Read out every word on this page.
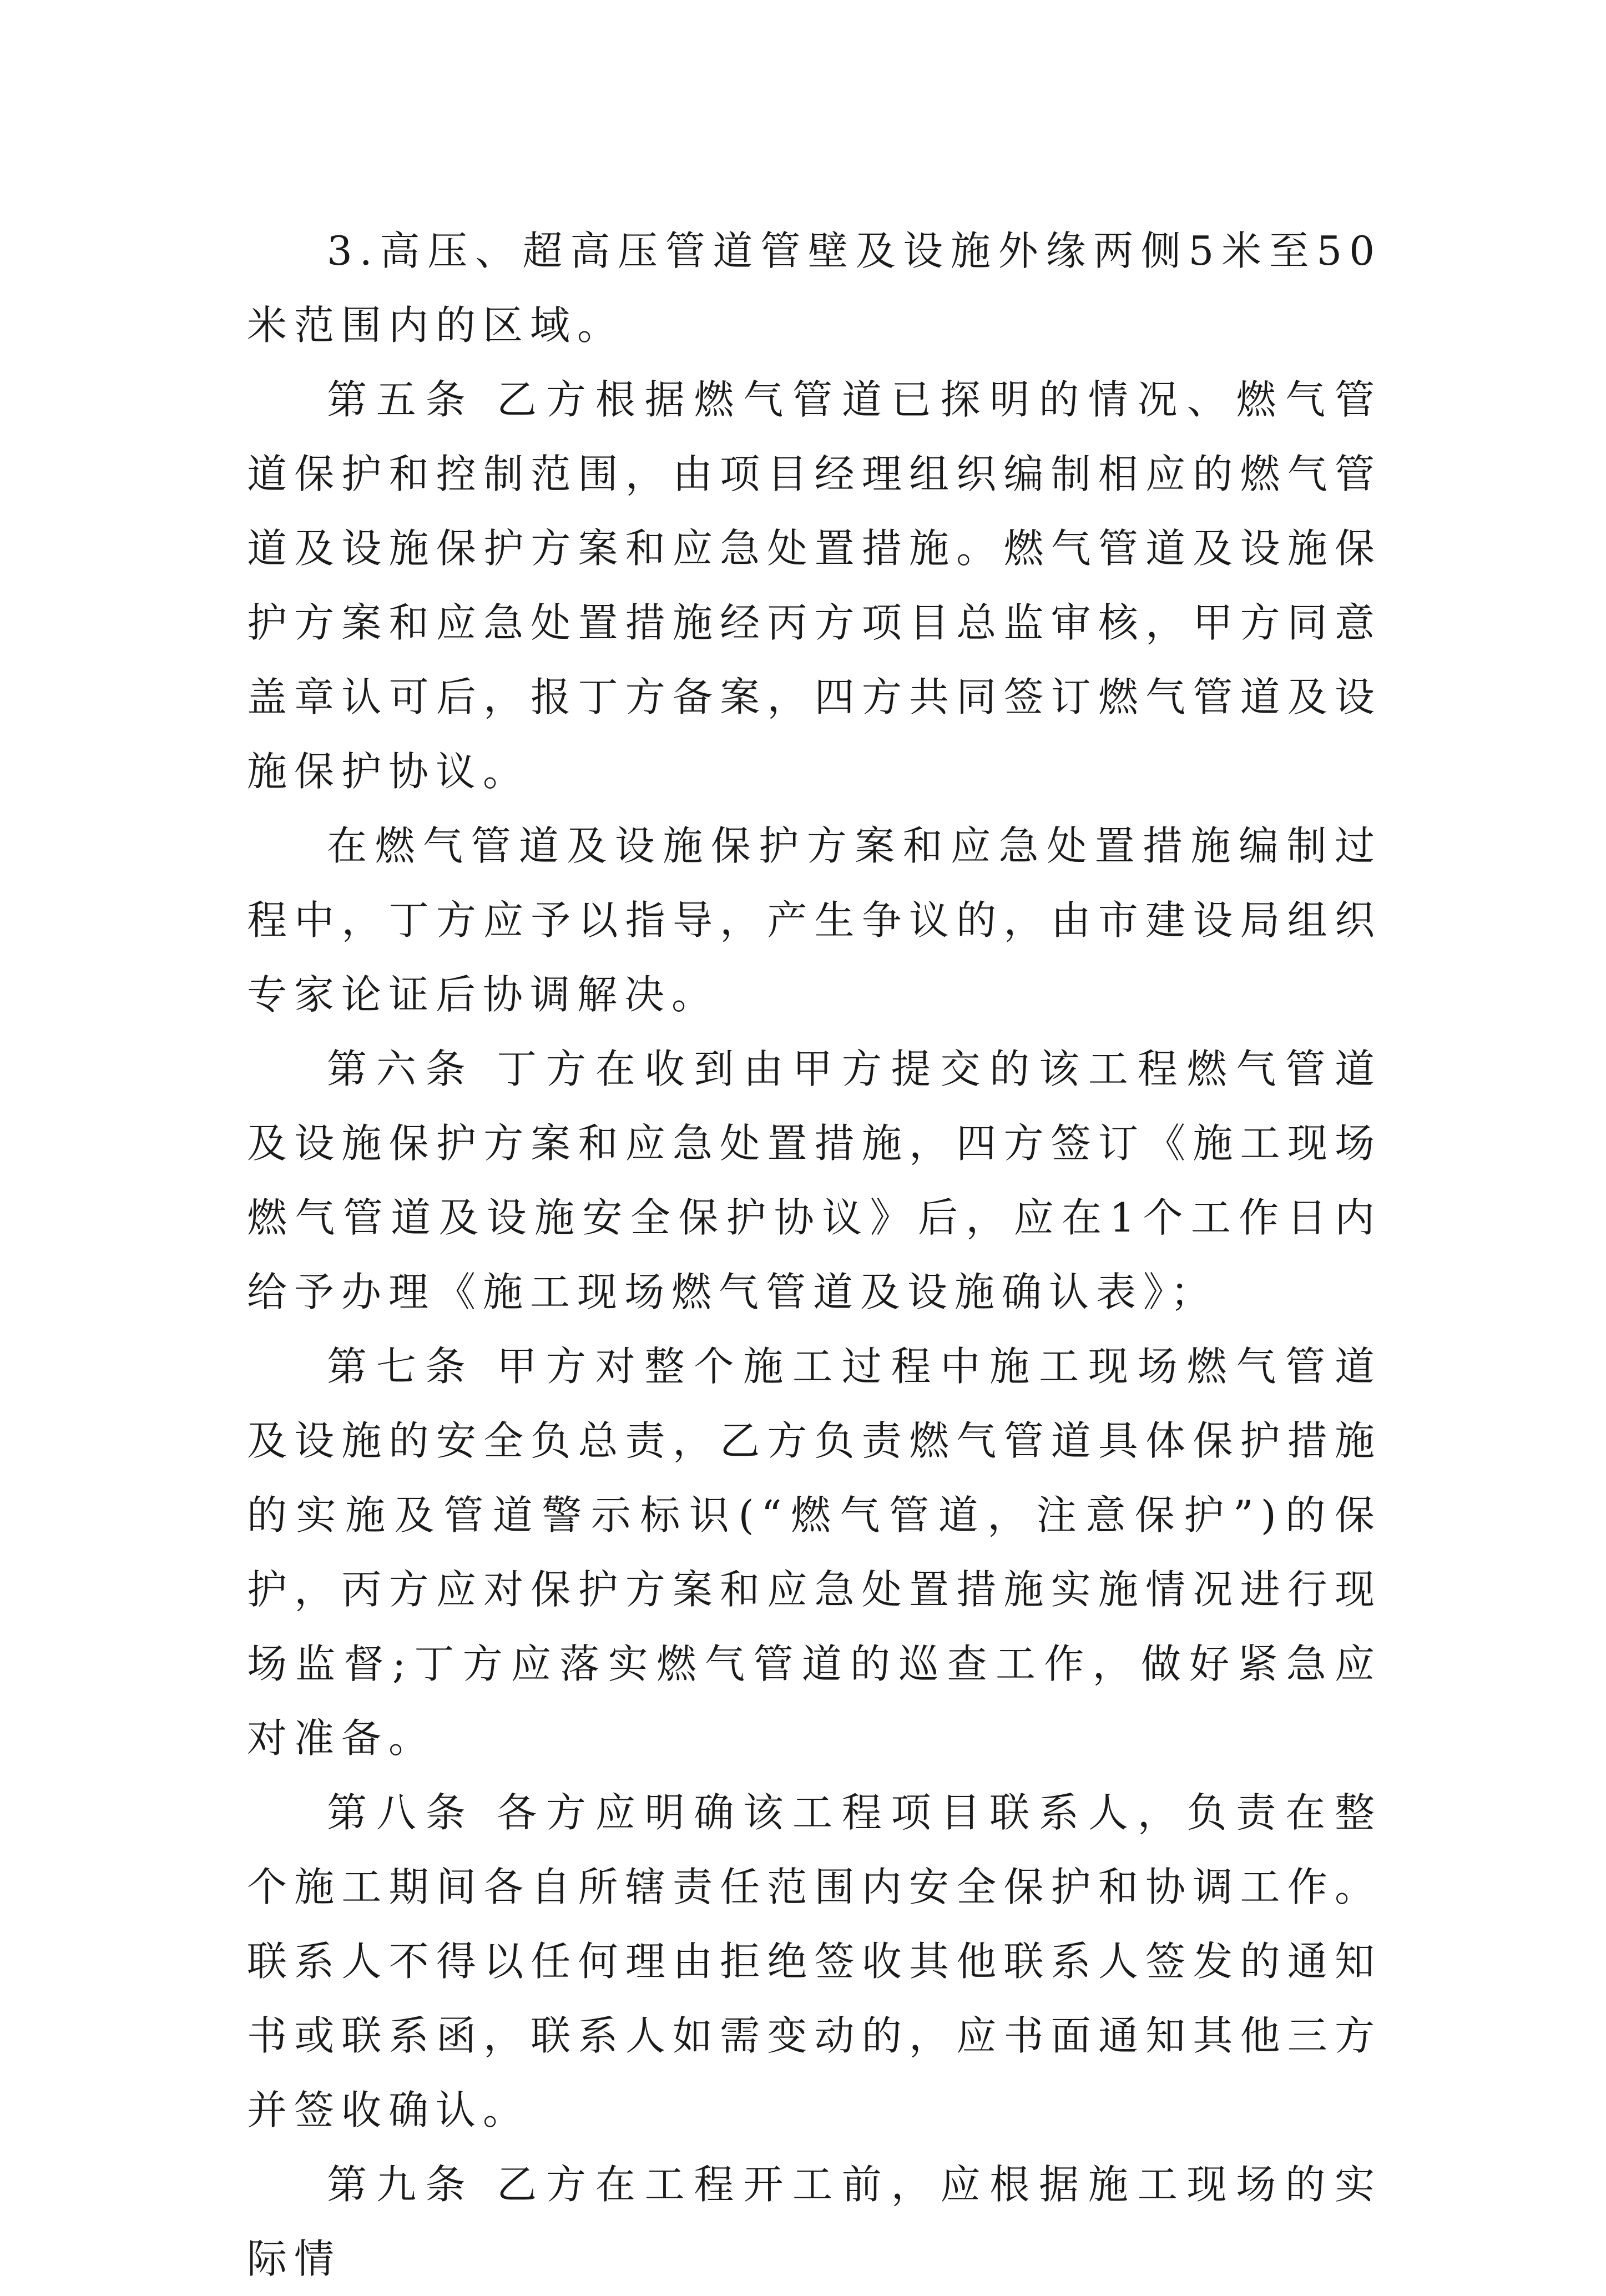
3.高压、超高压管道管壁及设施外缘两侧5米至50米范围内的区域。

第五条 乙方根据燃气管道已探明的情况、燃气管道保护和控制范围，由项目经理组织编制相应的燃气管道及设施保护方案和应急处置措施。燃气管道及设施保护方案和应急处置措施经丙方项目总监审核，甲方同意盖章认可后，报丁方备案，四方共同签订燃气管道及设施保护协议。

在燃气管道及设施保护方案和应急处置措施编制过程中，丁方应予以指导，产生争议的，由市建设局组织专家论证后协调解决。

第六条 丁方在收到由甲方提交的该工程燃气管道及设施保护方案和应急处置措施，四方签订《施工现场燃气管道及设施安全保护协议》后，应在1个工作日内给予办理《施工现场燃气管道及设施确认表》；

第七条 甲方对整个施工过程中施工现场燃气管道及设施的安全负总责，乙方负责燃气管道具体保护措施的实施及管道警示标识(“燃气管道，注意保护”)的保护，丙方应对保护方案和应急处置措施实施情况进行现场监督;丁方应落实燃气管道的巡查工作，做好紧急应对准备。

第八条 各方应明确该工程项目联系人，负责在整个施工期间各自所辖责任范围内安全保护和协调工作。联系人不得以任何理由拒绝签收其他联系人签发的通知书或联系函，联系人如需变动的，应书面通知其他三方并签收确认。

第九条 乙方在工程开工前，应根据施工现场的实际情
